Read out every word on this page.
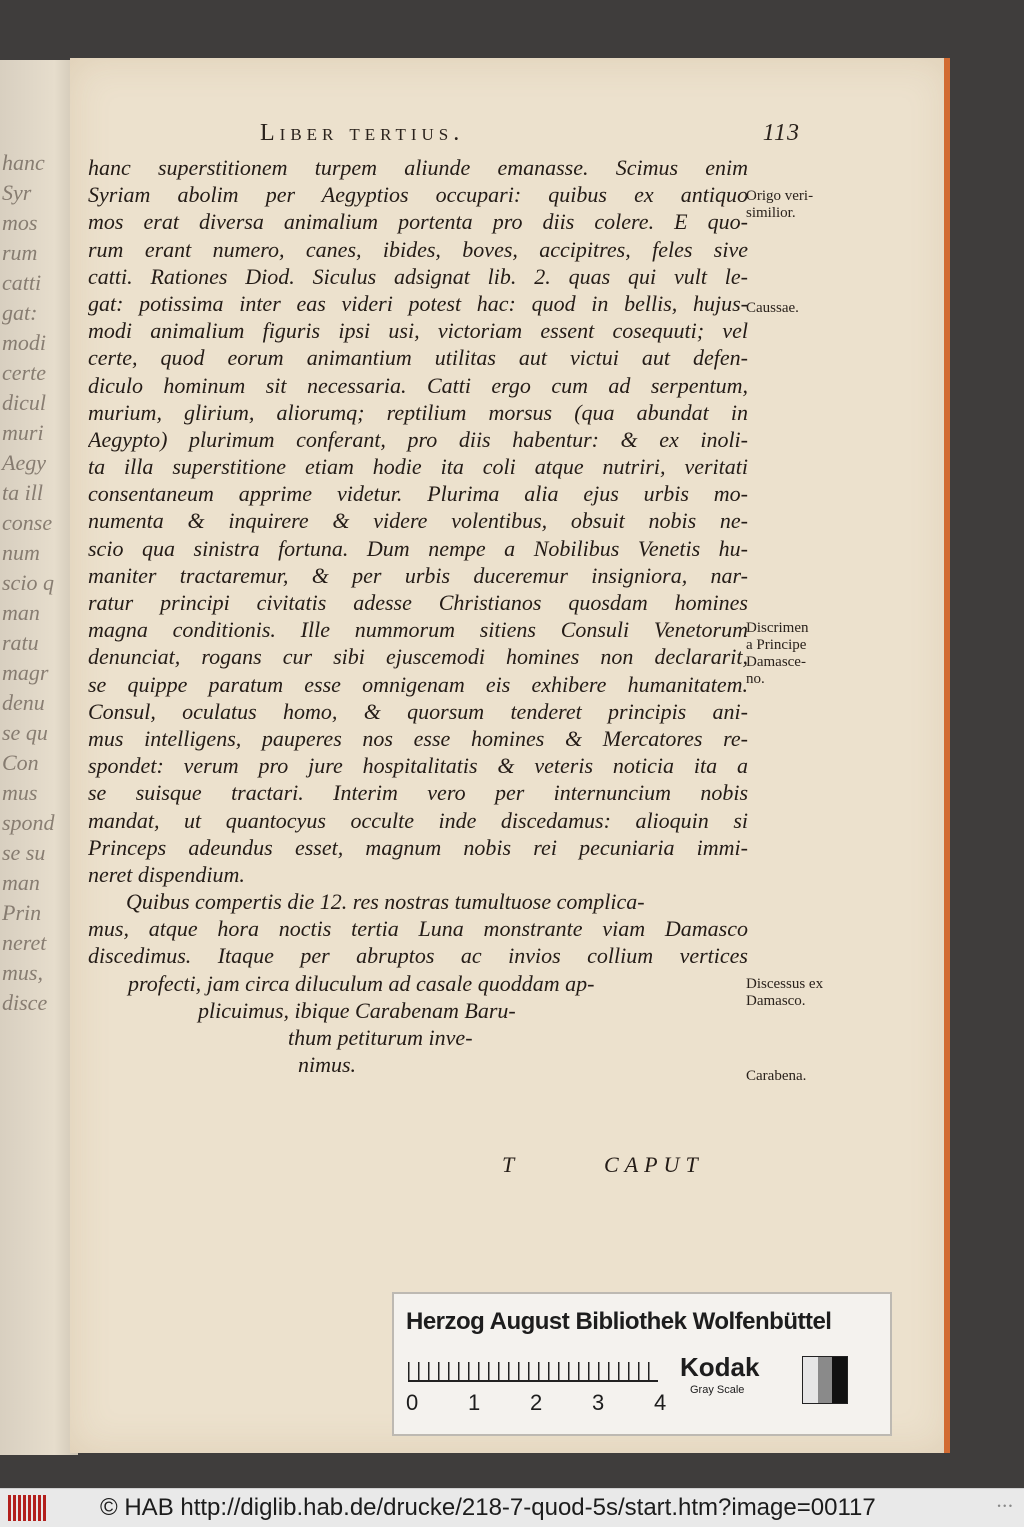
hanc
Syr
mos
rum
catti
gat:
modi
certe
dicul
muri
Aegy
ta ill
conse
num
scio q
man
ratu
magr
denu
se qu
Con
mus
spond
se su
man
Prin
neret
mus,
disce
Liber tertius.	113
hanc superstitionem turpem aliunde emanasse. Scimus enim
Syriam abolim per Aegyptios occupari: quibus ex antiquo
mos erat diversa animalium portenta pro diis colere. E quo-
rum erant numero, canes, ibides, boves, accipitres, feles sive
catti. Rationes Diod. Siculus adsignat lib. 2. quas qui vult le-
gat: potissima inter eas videri potest hac: quod in bellis, hujus-
modi animalium figuris ipsi usi, victoriam essent cosequuti; vel
certe, quod eorum animantium utilitas aut victui aut defen-
diculo hominum sit necessaria. Catti ergo cum ad serpentum,
murium, glirium, aliorumq; reptilium morsus (qua abundat in
Aegypto) plurimum conferant, pro diis habentur: & ex inoli-
ta illa superstitione etiam hodie ita coli atque nutriri, veritati
consentaneum apprime videtur. Plurima alia ejus urbis mo-
numenta & inquirere & videre volentibus, obsuit nobis ne-
scio qua sinistra fortuna. Dum nempe a Nobilibus Venetis hu-
maniter tractaremur, & per urbis duceremur insigniora, nar-
ratur principi civitatis adesse Christianos quosdam homines
magna conditionis. Ille nummorum sitiens Consuli Venetorum
denunciat, rogans cur sibi ejuscemodi homines non declararit,
se quippe paratum esse omnigenam eis exhibere humanitatem.
Consul, oculatus homo, & quorsum tenderet principis ani-
mus intelligens, pauperes nos esse homines & Mercatores re-
spondet: verum pro jure hospitalitatis & veteris noticia ita a
se suisque tractari. Interim vero per internuncium nobis
mandat, ut quantocyus occulte inde discedamus: alioquin si
Princeps adeundus esset, magnum nobis rei pecuniaria immi-
neret dispendium.
Quibus compertis die 12. res nostras tumultuose complica-
mus, atque hora noctis tertia Luna monstrante viam Damasco
discedimus. Itaque per abruptos ac invios collium vertices
profecti, jam circa diluculum ad casale quoddam ap-
plicuimus, ibique Carabenam Baru-
thum petiturum inve-
nimus.
T	CAPUT
Origo veri-
similior.
Caussae.
Discrimen
a Principe
Damasce-
no.
Discessus ex
Damasco.
Carabena.
Herzog August Bibliothek Wolfenbüttel
0 1 2 3 4
Kodak
Gray Scale
© HAB http://diglib.hab.de/drucke/218-7-quod-5s/start.htm?image=00117	• • •
